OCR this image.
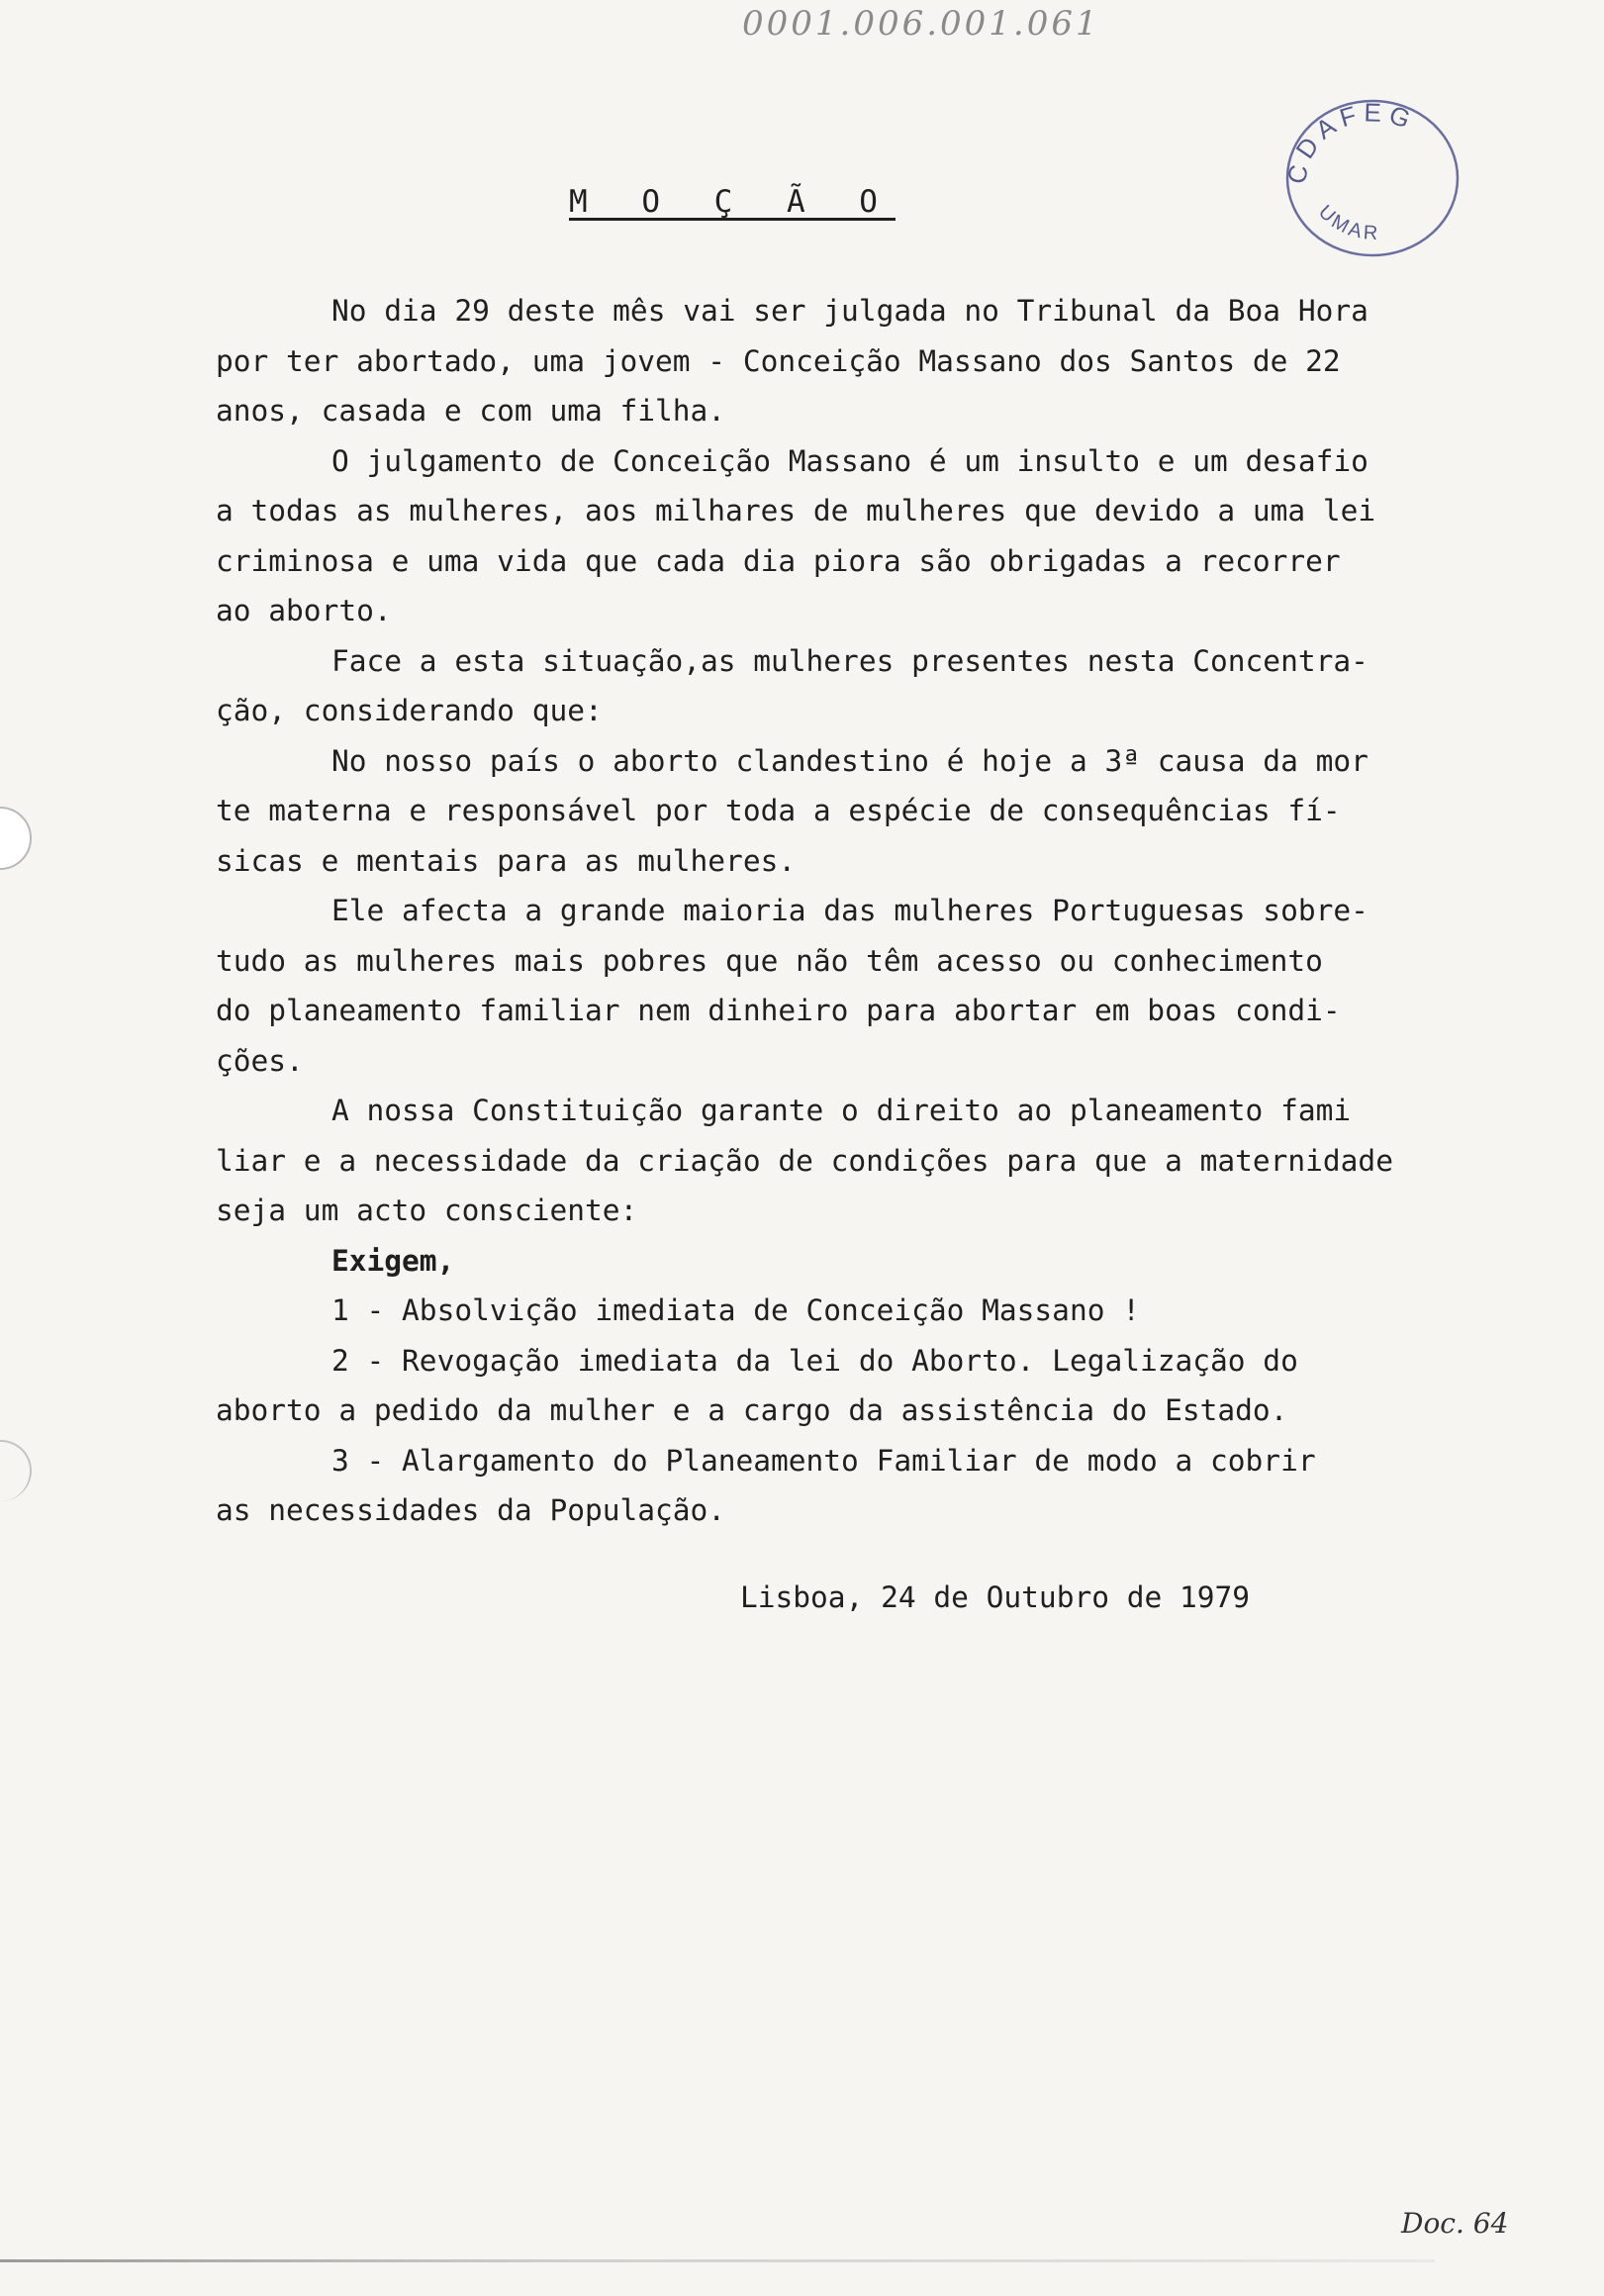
0001.006.001.061
CDAFEG
UMAR
M O Ç Ã O
No dia 29 deste mês vai ser julgada no Tribunal da Boa Hora
por ter abortado, uma jovem - Conceição Massano dos Santos de 22
anos, casada e com uma filha.
O julgamento de Conceição Massano é um insulto e um desafio
a todas as mulheres, aos milhares de mulheres que devido a uma lei
criminosa e uma vida que cada dia piora são obrigadas a recorrer
ao aborto.
Face a esta situação,as mulheres presentes nesta Concentra-
ção, considerando que:
No nosso país o aborto clandestino é hoje a 3ª causa da mor
te materna e responsável por toda a espécie de consequências fí-
sicas e mentais para as mulheres.
Ele afecta a grande maioria das mulheres Portuguesas sobre-
tudo as mulheres mais pobres que não têm acesso ou conhecimento
do planeamento familiar nem dinheiro para abortar em boas condi-
ções.
A nossa Constituição garante o direito ao planeamento fami
liar e a necessidade da criação de condições para que a maternidade
seja um acto consciente:
Exigem,
1 - Absolvição imediata de Conceição Massano !
2 - Revogação imediata da lei do Aborto. Legalização do
aborto a pedido da mulher e a cargo da assistência do Estado.
3 - Alargamento do Planeamento Familiar de modo a cobrir
as necessidades da População.
Lisboa, 24 de Outubro de 1979
Doc. 64
